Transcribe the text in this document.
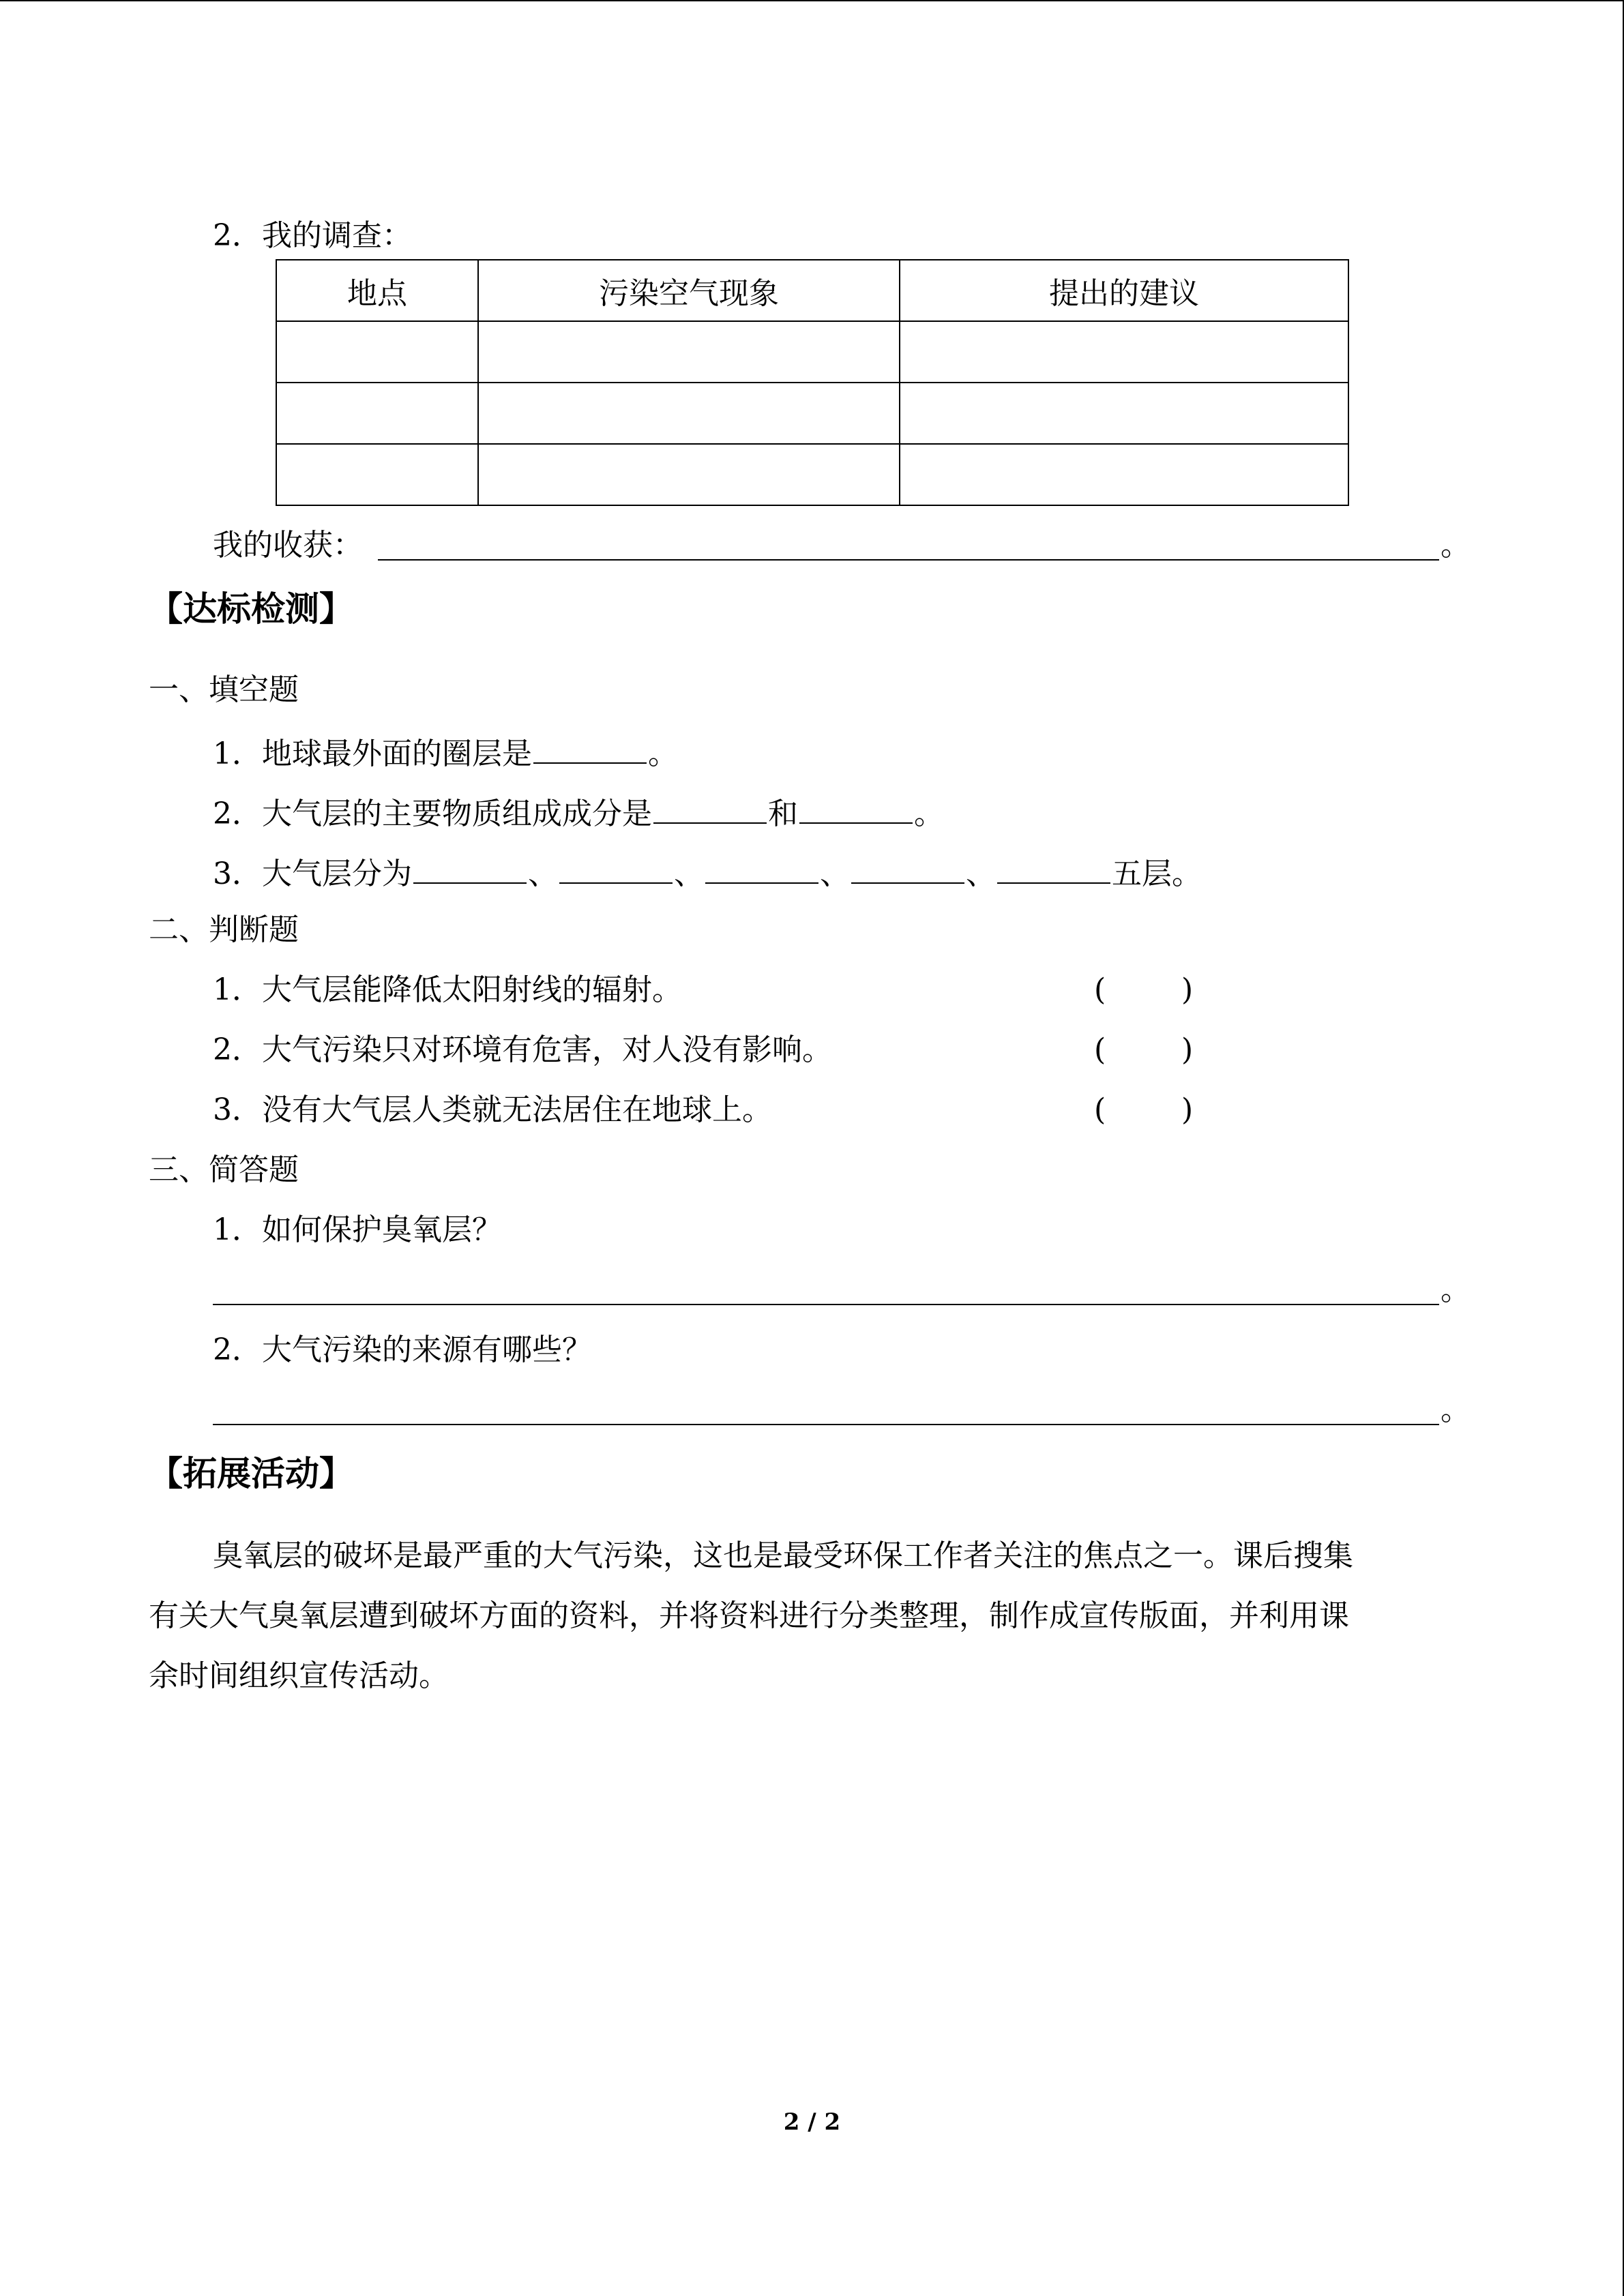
2．我的调查：
地点	污染空气现象	提出的建议

我的收获：	。
【达标检测】
一、填空题
1．地球最外面的圈层是	。
2．大气层的主要物质组成成分是	和	。
3．大气层分为	、	、	、	、	五层。
二、判断题
1．大气层能降低太阳射线的辐射。	(	)
2．大气污染只对环境有危害，对人没有影响。	(	)
3．没有大气层人类就无法居住在地球上。	(	)
三、简答题
1．如何保护臭氧层？
。
2．大气污染的来源有哪些？
。
【拓展活动】
臭氧层的破坏是最严重的大气污染，这也是最受环保工作者关注的焦点之一。课后搜集
有关大气臭氧层遭到破坏方面的资料，并将资料进行分类整理，制作成宣传版面，并利用课
余时间组织宣传活动。
2 / 2
